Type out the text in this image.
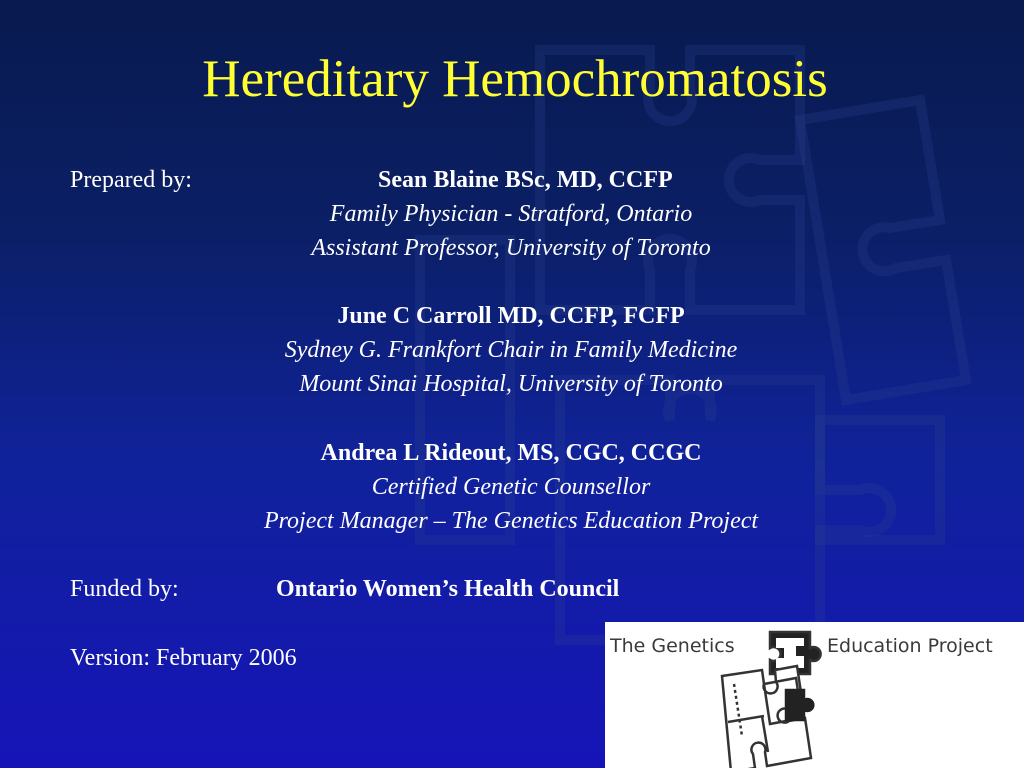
Hereditary Hemochromatosis
Prepared by:	Sean Blaine BSc, MD, CCFP
Family Physician - Stratford, Ontario
Assistant Professor, University of Toronto
June C Carroll MD, CCFP, FCFP
Sydney G. Frankfort Chair in Family Medicine
Mount Sinai Hospital, University of Toronto
Andrea L Rideout, MS, CGC, CCGC
Certified Genetic Counsellor
Project Manager – The Genetics Education Project
Funded by:	Ontario Women’s Health Council
Version: February 2006	The Genetics	Education Project
